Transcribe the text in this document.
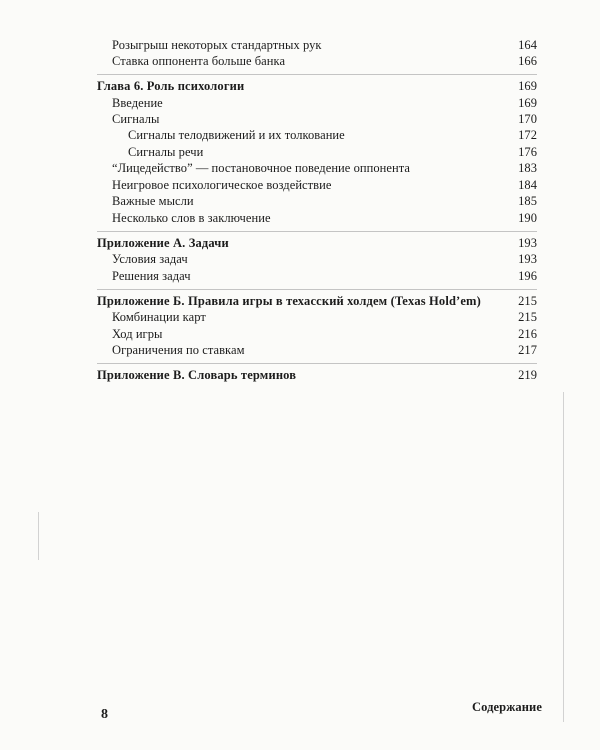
Розыгрыш некоторых стандартных рук	164
Ставка оппонента больше банка	166
Глава 6. Роль психологии	169
Введение	169
Сигналы	170
Сигналы телодвижений и их толкование	172
Сигналы речи	176
“Лицедейство” — постановочное поведение оппонента	183
Неигровое психологическое воздействие	184
Важные мысли	185
Несколько слов в заключение	190
Приложение А. Задачи	193
Условия задач	193
Решения задач	196
Приложение Б. Правила игры в техасский холдем (Texas Hold’em)	215
Комбинации карт	215
Ход игры	216
Ограничения по ставкам	217
Приложение В. Словарь терминов	219
8	Содержание
